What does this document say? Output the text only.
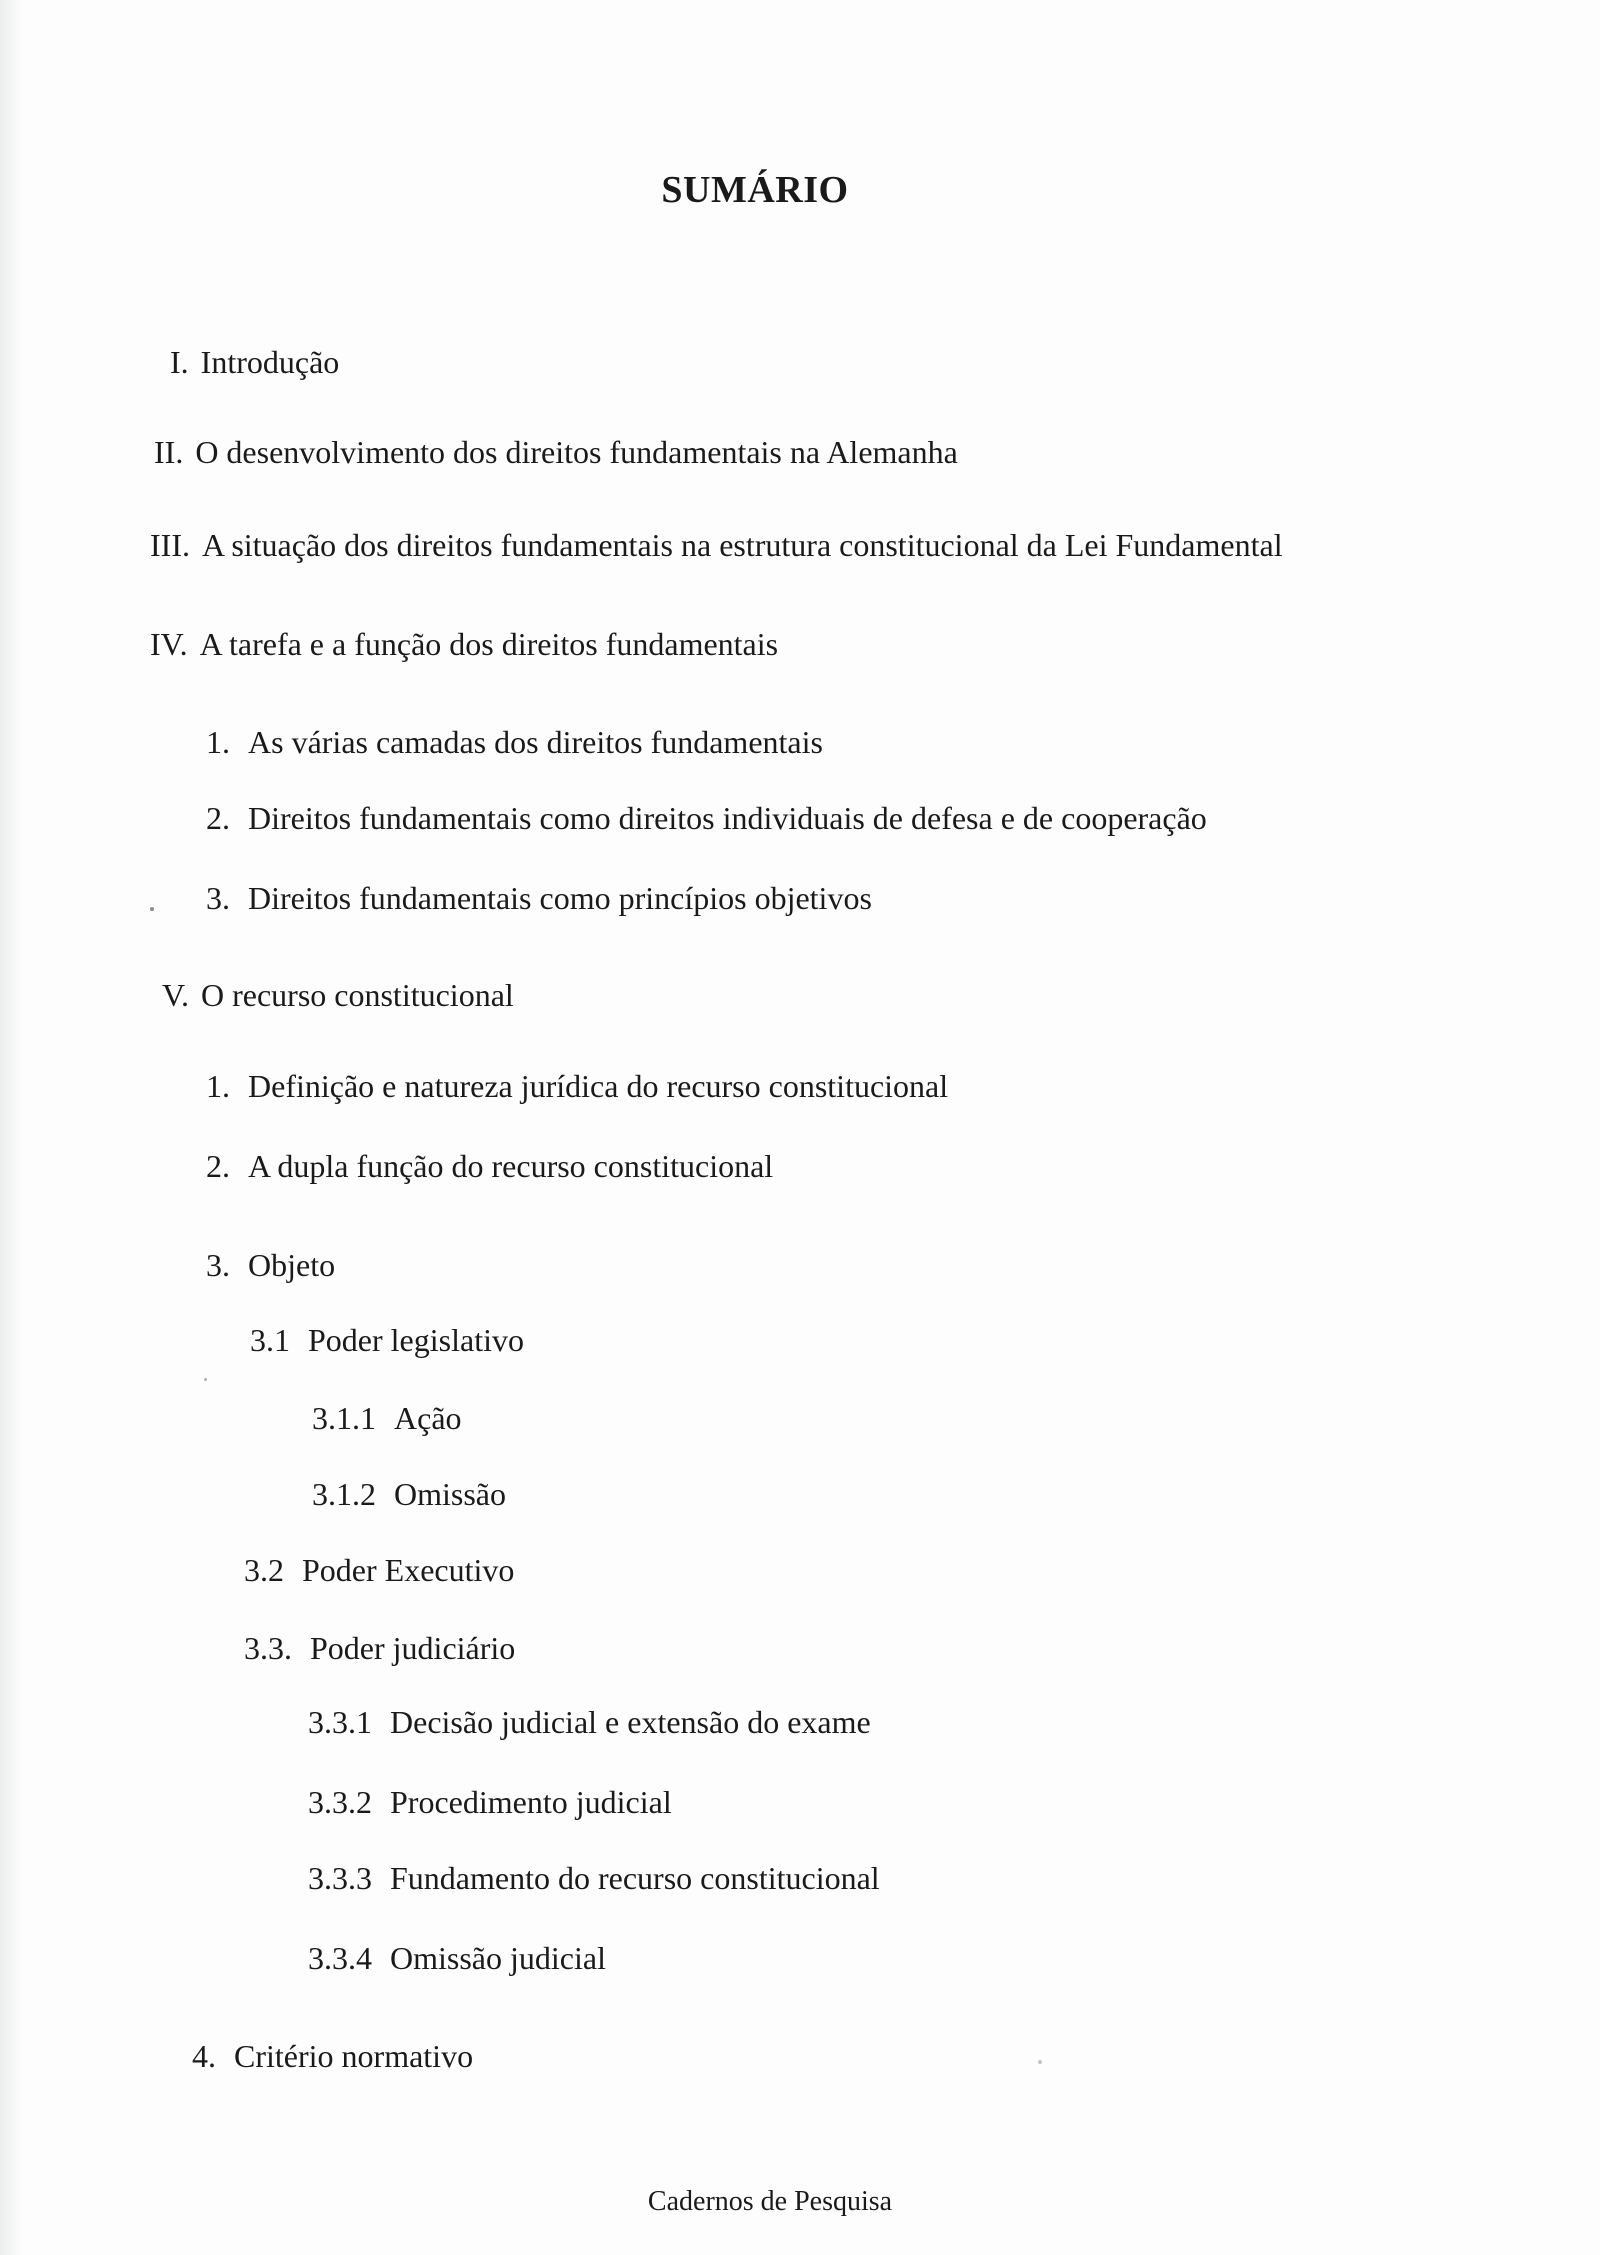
SUMÁRIO
I. Introdução
II. O desenvolvimento dos direitos fundamentais na Alemanha
III. A situação dos direitos fundamentais na estrutura constitucional da Lei Fundamental
IV. A tarefa e a função dos direitos fundamentais
1. As várias camadas dos direitos fundamentais
2. Direitos fundamentais como direitos individuais de defesa e de cooperação
3. Direitos fundamentais como princípios objetivos
V. O recurso constitucional
1. Definição e natureza jurídica do recurso constitucional
2. A dupla função do recurso constitucional
3. Objeto
3.1 Poder legislativo
3.1.1 Ação
3.1.2 Omissão
3.2 Poder Executivo
3.3. Poder judiciário
3.3.1 Decisão judicial e extensão do exame
3.3.2 Procedimento judicial
3.3.3 Fundamento do recurso constitucional
3.3.4 Omissão judicial
4. Critério normativo
Cadernos de Pesquisa
